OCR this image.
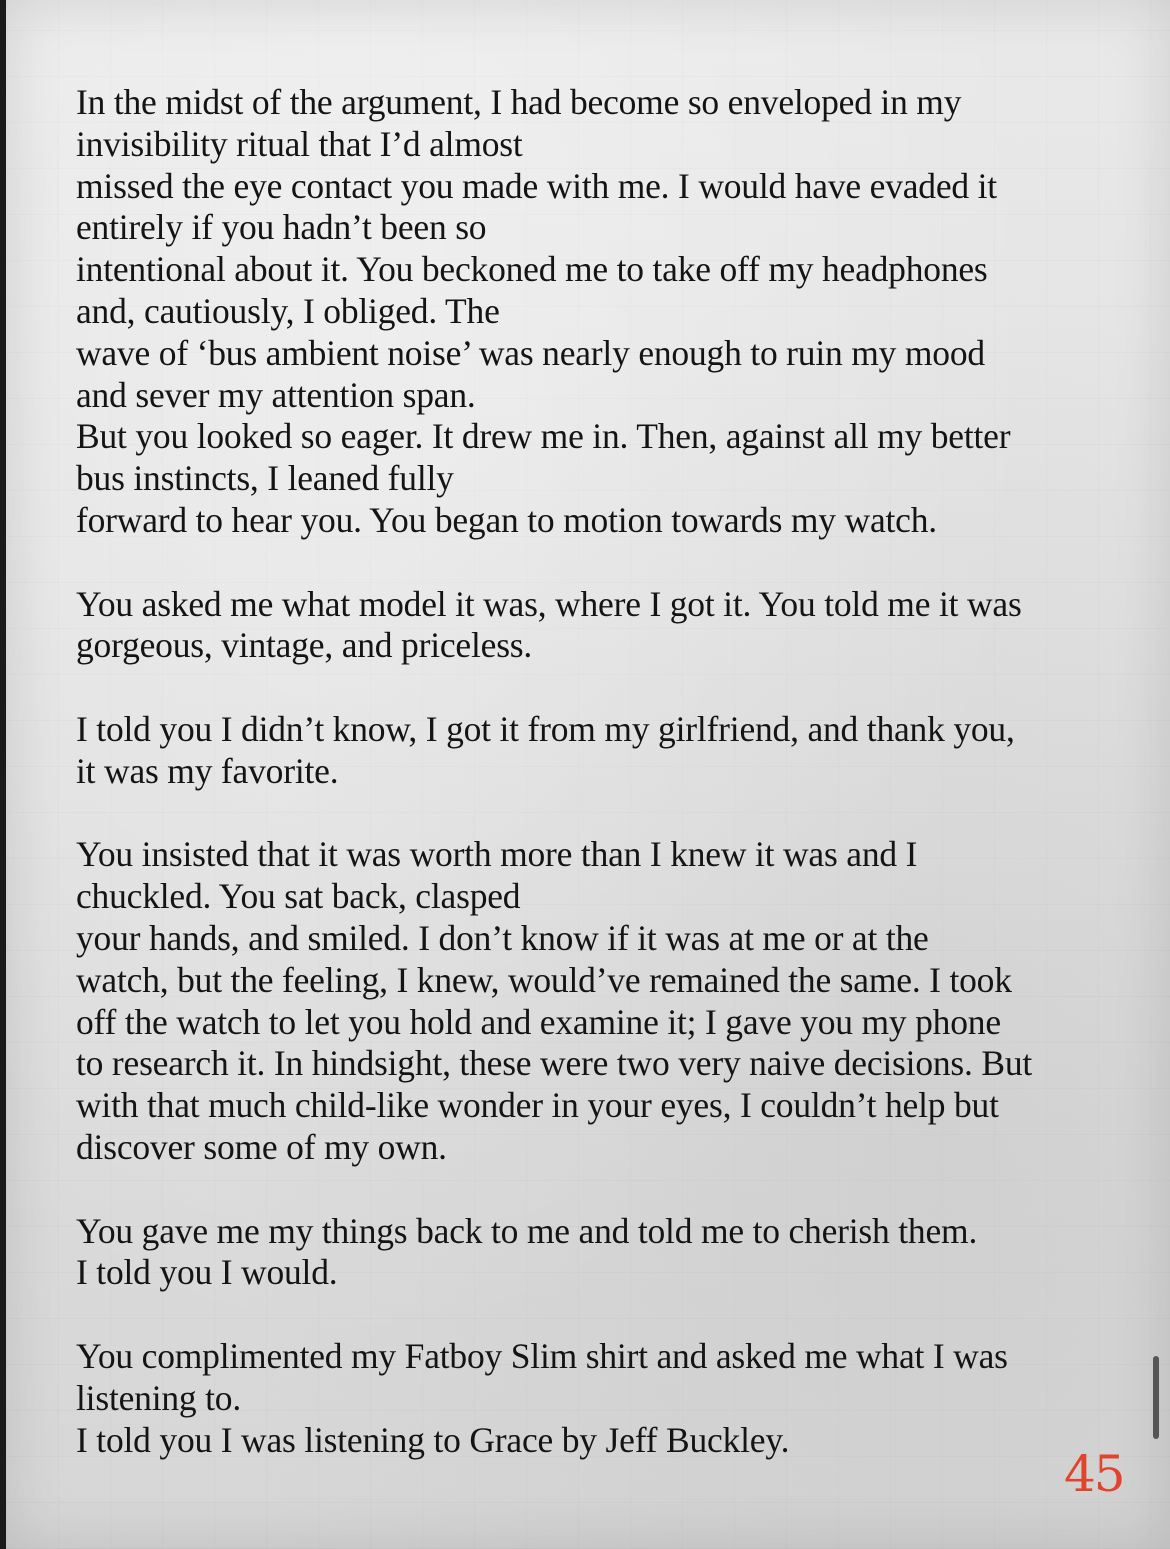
In the midst of the argument, I had become so enveloped in my
invisibility ritual that I’d almost
missed the eye contact you made with me. I would have evaded it
entirely if you hadn’t been so
intentional about it. You beckoned me to take off my headphones
and, cautiously, I obliged. The
wave of ‘bus ambient noise’ was nearly enough to ruin my mood
and sever my attention span.
But you looked so eager. It drew me in. Then, against all my better
bus instincts, I leaned fully
forward to hear you. You began to motion towards my watch.

You asked me what model it was, where I got it. You told me it was
gorgeous, vintage, and priceless.

I told you I didn’t know, I got it from my girlfriend, and thank you,
it was my favorite.

You insisted that it was worth more than I knew it was and I
chuckled. You sat back, clasped
your hands, and smiled. I don’t know if it was at me or at the
watch, but the feeling, I knew, would’ve remained the same. I took
off the watch to let you hold and examine it; I gave you my phone
to research it. In hindsight, these were two very naive decisions. But
with that much child-like wonder in your eyes, I couldn’t help but
discover some of my own.

You gave me my things back to me and told me to cherish them.
I told you I would.

You complimented my Fatboy Slim shirt and asked me what I was
listening to.
I told you I was listening to Grace by Jeff Buckley.

45
